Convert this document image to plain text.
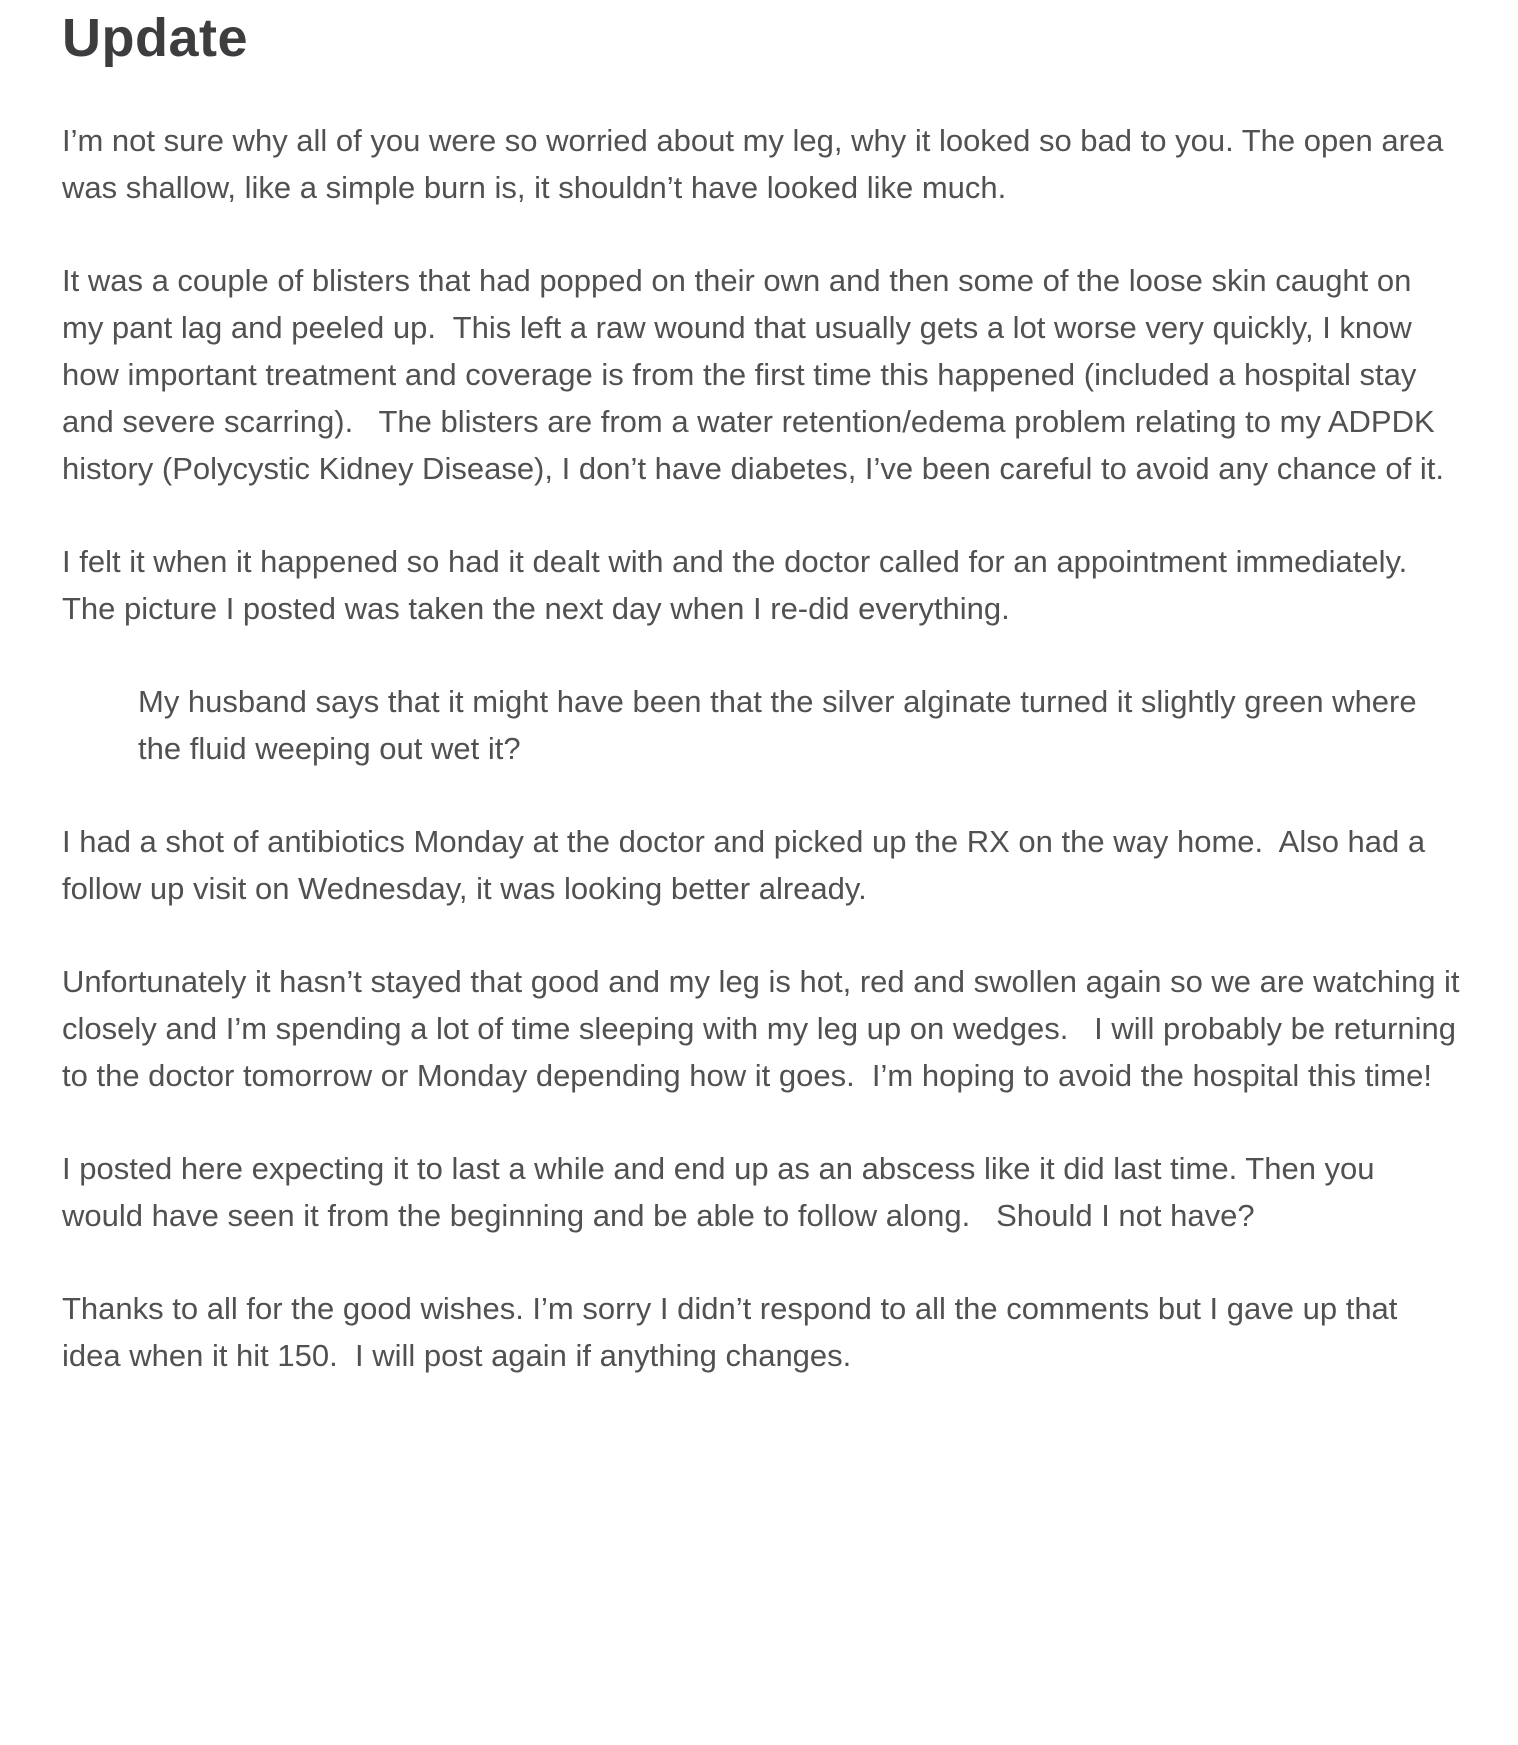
Update

I’m not sure why all of you were so worried about my leg, why it looked so bad to you. The open area was shallow, like a simple burn is, it shouldn’t have looked like much.

It was a couple of blisters that had popped on their own and then some of the loose skin caught on my pant lag and peeled up.  This left a raw wound that usually gets a lot worse very quickly, I know how important treatment and coverage is from the first time this happened (included a hospital stay and severe scarring).   The blisters are from a water retention/edema problem relating to my ADPDK history (Polycystic Kidney Disease), I don’t have diabetes, I’ve been careful to avoid any chance of it.

I felt it when it happened so had it dealt with and the doctor called for an appointment immediately.  The picture I posted was taken the next day when I re-did everything.

My husband says that it might have been that the silver alginate turned it slightly green where the fluid weeping out wet it?

I had a shot of antibiotics Monday at the doctor and picked up the RX on the way home.  Also had a follow up visit on Wednesday, it was looking better already.

Unfortunately it hasn’t stayed that good and my leg is hot, red and swollen again so we are watching it closely and I’m spending a lot of time sleeping with my leg up on wedges.   I will probably be returning to the doctor tomorrow or Monday depending how it goes.  I’m hoping to avoid the hospital this time!

I posted here expecting it to last a while and end up as an abscess like it did last time. Then you would have seen it from the beginning and be able to follow along.   Should I not have?

Thanks to all for the good wishes. I’m sorry I didn’t respond to all the comments but I gave up that idea when it hit 150.  I will post again if anything changes.
